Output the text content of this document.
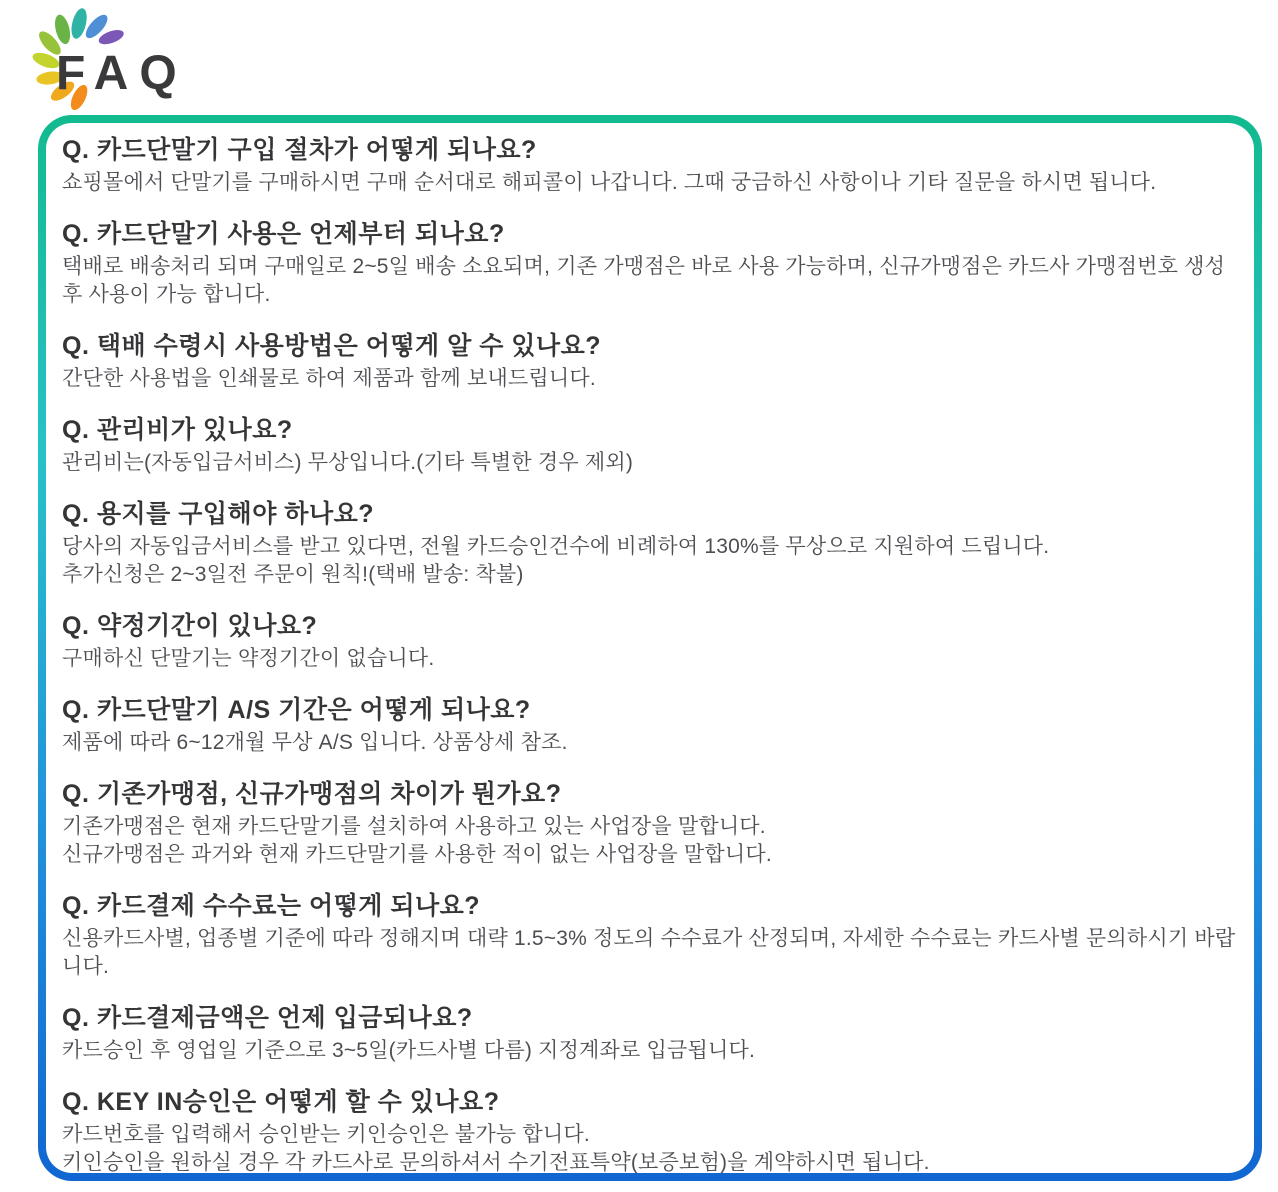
FAQ
Q. 카드단말기 구입 절차가 어떻게 되나요?
쇼핑몰에서 단말기를 구매하시면 구매 순서대로 해피콜이 나갑니다. 그때 궁금하신 사항이나 기타 질문을 하시면 됩니다.
Q. 카드단말기 사용은 언제부터 되나요?
택배로 배송처리 되며 구매일로 2~5일 배송 소요되며, 기존 가맹점은 바로 사용 가능하며, 신규가맹점은 카드사 가맹점번호 생성 후 사용이 가능 합니다.
Q. 택배 수령시 사용방법은 어떻게 알 수 있나요?
간단한 사용법을 인쇄물로 하여 제품과 함께 보내드립니다.
Q. 관리비가 있나요?
관리비는(자동입금서비스) 무상입니다.(기타 특별한 경우 제외)
Q. 용지를 구입해야 하나요?
당사의 자동입금서비스를 받고 있다면, 전월 카드승인건수에 비례하여 130%를 무상으로 지원하여 드립니다.
추가신청은 2~3일전 주문이 원칙!(택배 발송: 착불)
Q. 약정기간이 있나요?
구매하신 단말기는 약정기간이 없습니다.
Q. 카드단말기 A/S 기간은 어떻게 되나요?
제품에 따라 6~12개월 무상 A/S 입니다. 상품상세 참조.
Q. 기존가맹점, 신규가맹점의 차이가 뭔가요?
기존가맹점은 현재 카드단말기를 설치하여 사용하고 있는 사업장을 말합니다.
신규가맹점은 과거와 현재 카드단말기를 사용한 적이 없는 사업장을 말합니다.
Q. 카드결제 수수료는 어떻게 되나요?
신용카드사별, 업종별 기준에 따라 정해지며 대략 1.5~3% 정도의 수수료가 산정되며, 자세한 수수료는 카드사별 문의하시기 바랍니다.
Q. 카드결제금액은 언제 입금되나요?
카드승인 후 영업일 기준으로 3~5일(카드사별 다름) 지정계좌로 입금됩니다.
Q. KEY IN승인은 어떻게 할 수 있나요?
카드번호를 입력해서 승인받는 키인승인은 불가능 합니다.
키인승인을 원하실 경우 각 카드사로 문의하셔서 수기전표특약(보증보험)을 계약하시면 됩니다.
